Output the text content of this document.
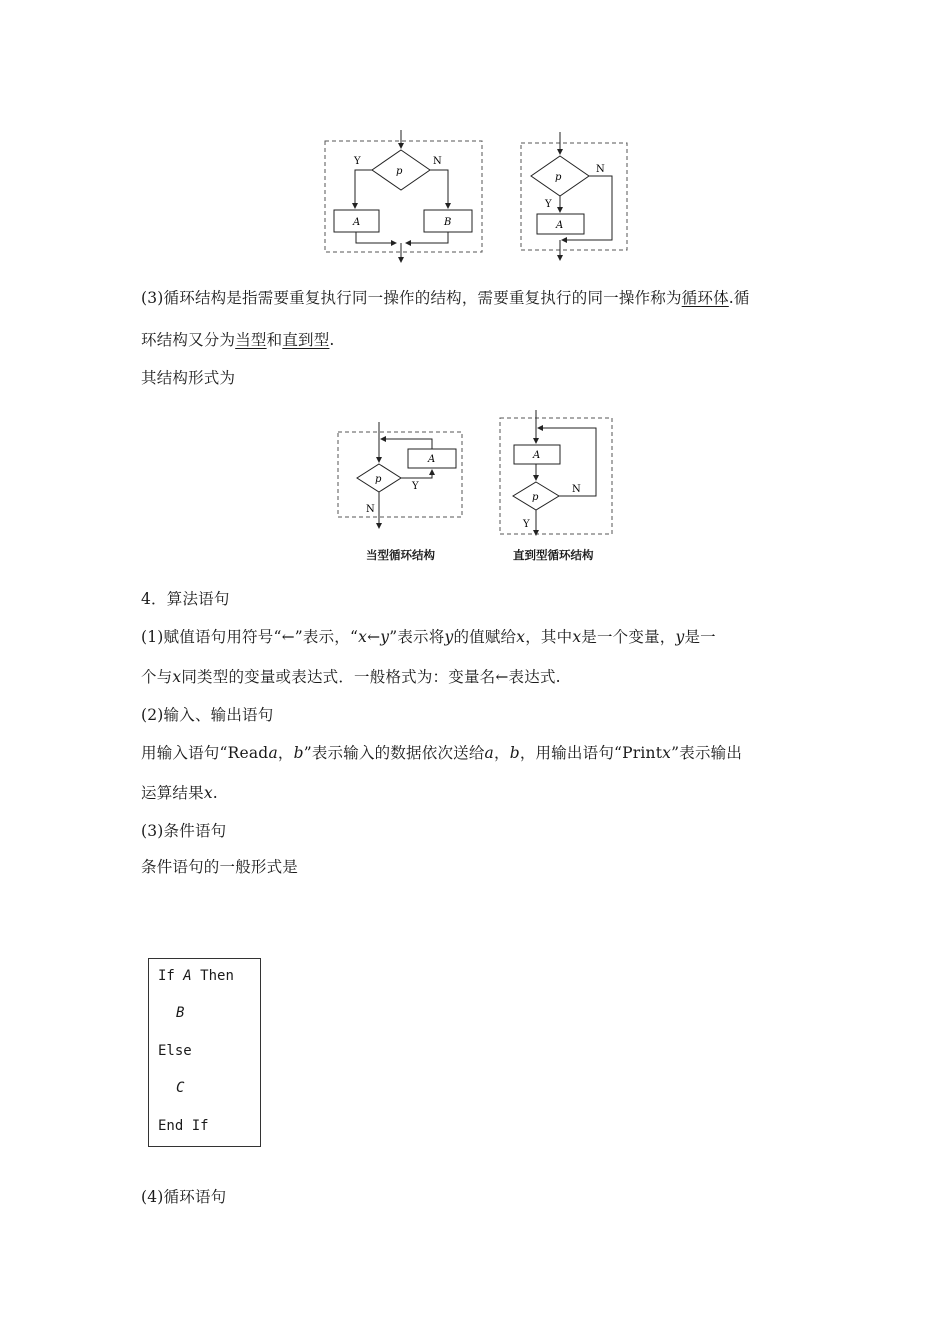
p
Y	N
A	B
p
N
Y
A
(3)循环结构是指需要重复执行同一操作的结构，需要重复执行的同一操作称为循环体.循
环结构又分为当型和直到型.
其结构形式为
p
Y
A
N
A
p
N
Y
当型循环结构	直到型循环结构
4．算法语句
(1)赋值语句用符号“←”表示，“x←y”表示将y的值赋给x，其中x是一个变量，y是一
个与x同类型的变量或表达式．一般格式为：变量名←表达式.
(2)输入、输出语句
用输入语句“Reada，b”表示输入的数据依次送给a，b，用输出语句“Printx”表示输出
运算结果x.
(3)条件语句
条件语句的一般形式是
If A Then
B
Else
C
End If
(4)循环语句
